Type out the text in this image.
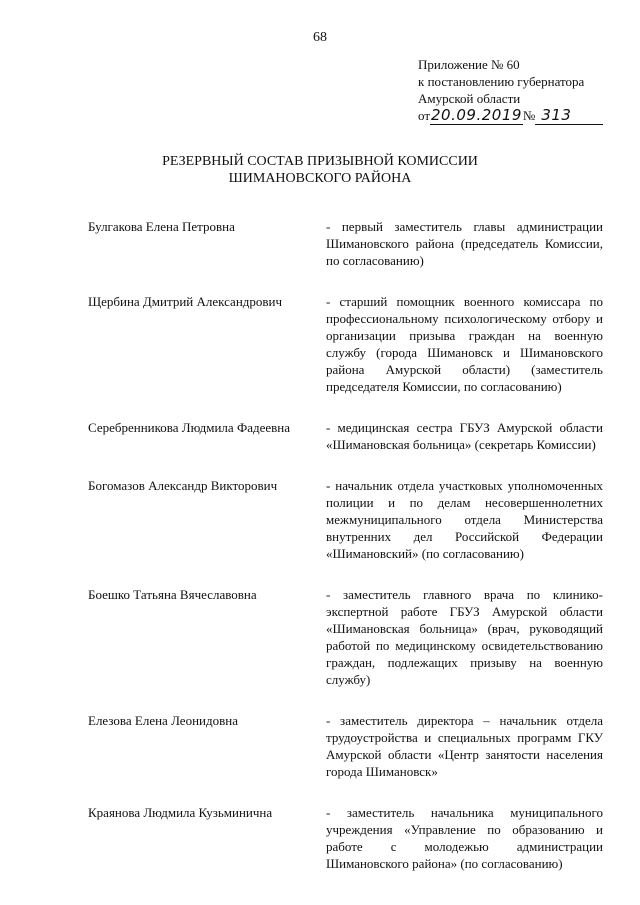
68
Приложение № 60
к постановлению губернатора
Амурской области
от20.09.2019№ 313
РЕЗЕРВНЫЙ СОСТАВ ПРИЗЫВНОЙ КОМИССИИ
ШИМАНОВСКОГО РАЙОНА
Булгакова Елена Петровна	- первый заместитель главы администрации Шимановского района (председатель Комиссии, по согласованию)
Щербина Дмитрий Александрович	- старший помощник военного комиссара по профессиональному психологическому отбору и организации призыва граждан на военную службу (города Шимановск и Шимановского района Амурской области) (заместитель председателя Комиссии, по согласованию)
Серебренникова Людмила Фадеевна	- медицинская сестра ГБУЗ Амурской области «Шимановская больница» (секретарь Комиссии)
Богомазов Александр Викторович	- начальник отдела участковых уполномоченных полиции и по делам несовершеннолетних межмуниципального отдела Министерства внутренних дел Российской Федерации «Шимановский» (по согласованию)
Боешко Татьяна Вячеславовна	- заместитель главного врача по клинико-экспертной работе ГБУЗ Амурской области «Шимановская больница» (врач, руководящий работой по медицинскому освидетельствованию граждан, подлежащих призыву на военную службу)
Елезова Елена Леонидовна	- заместитель директора – начальник отдела трудоустройства и специальных программ ГКУ Амурской области «Центр занятости населения города Шимановск»
Краянова Людмила Кузьминична	- заместитель начальника муниципального учреждения «Управление по образованию и работе с молодежью администрации Шимановского района» (по согласованию)
